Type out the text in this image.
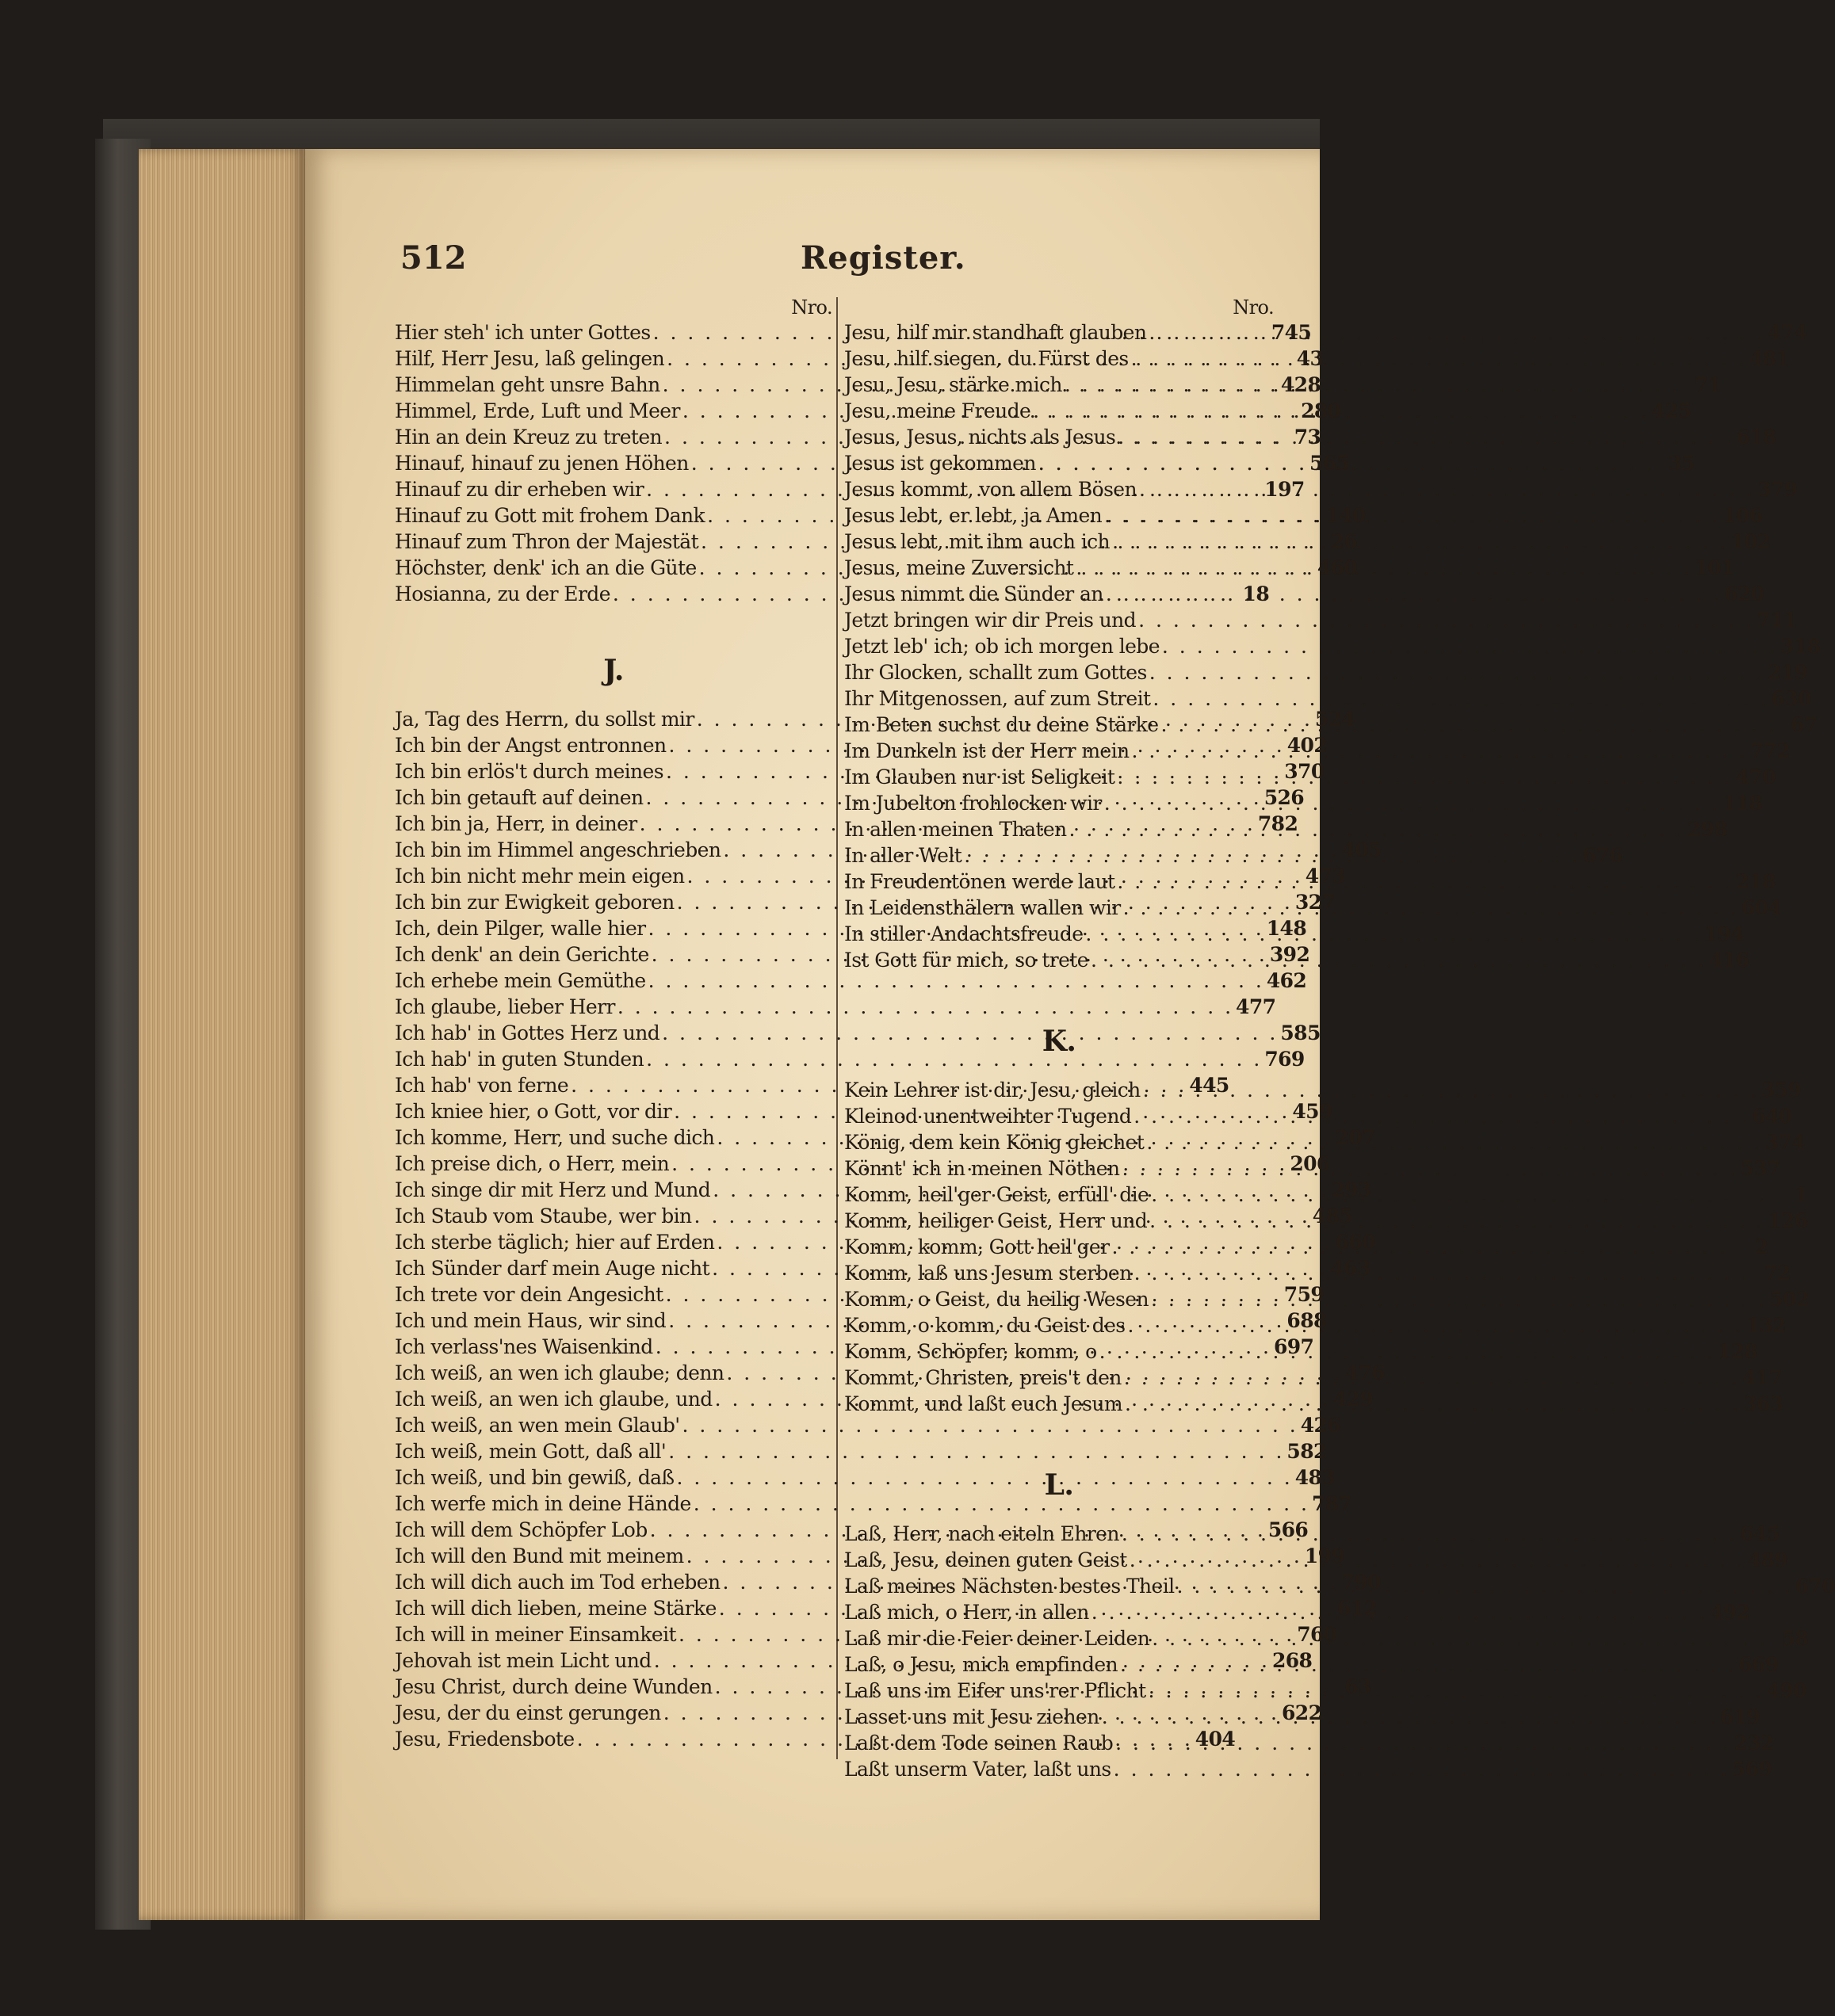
512	Register.
Nro.
Hier steh' ich unter Gottes . . .	745
Hilf, Herr Jesu, laß gelingen . . .	43
Himmelan geht unsre Bahn . . .	428
Himmel, Erde, Luft und Meer . . .	280
Hin an dein Kreuz zu treten . . .	73
Hinauf, hinauf zu jenen Höhen . . .	565
Hinauf zu dir erheben wir . . .	197
Hinauf zu Gott mit frohem Dank . . .	140
Hinauf zum Thron der Majestät . . .	26
Höchster, denk' ich an die Güte . . .	460
Hosianna, zu der Erde . . .	18
J.
Ja, Tag des Herrn, du sollst mir . . .	524
Ich bin der Angst entronnen . . .	402
Ich bin erlös't durch meines . . .	370
Ich bin getauft auf deinen . . .	526
Ich bin ja, Herr, in deiner . . .	782
Ich bin im Himmel angeschrieben . . .	405
Ich bin nicht mehr mein eigen . . .	473
Ich bin zur Ewigkeit geboren . . .	327
Ich, dein Pilger, walle hier . . .	148
Ich denk' an dein Gerichte . . .	392
Ich erhebe mein Gemüthe . . .	462
Ich glaube, lieber Herr . . .	477
Ich hab' in Gottes Herz und . . .	585
Ich hab' in guten Stunden . . .	769
Ich hab' von ferne . . .	445
Ich kniee hier, o Gott, vor dir . . .	459
Ich komme, Herr, und suche dich . . .	207
Ich preise dich, o Herr, mein . . .	206
Ich singe dir mit Herz und Mund . . .	293
Ich Staub vom Staube, wer bin . . .	485
Ich sterbe täglich; hier auf Erden . . .	660
Ich Sünder darf mein Auge nicht . . .	463
Ich trete vor dein Angesicht . . .	759
Ich und mein Haus, wir sind . . .	688
Ich verlass'nes Waisenkind . . .	697
Ich weiß, an wen ich glaube; denn . . .	476
Ich weiß, an wen ich glaube, und . . .	429
Ich weiß, an wen mein Glaub' . . .	426
Ich weiß, mein Gott, daß all' . . .	582
Ich weiß, und bin gewiß, daß . . .	483
Ich werfe mich in deine Hände . . .	787
Ich will dem Schöpfer Lob . . .	566
Ich will den Bund mit meinem . . .	199
Ich will dich auch im Tod erheben . . .	790
Ich will dich lieben, meine Stärke . . .	612
Ich will in meiner Einsamkeit . . .	760
Jehovah ist mein Licht und . . .	268
Jesu Christ, durch deine Wunden . . .	63
Jesu, der du einst gerungen . . .	622
Jesu, Friedensbote . . .	404
Nro.
Jesu, hilf mir standhaft glauben . . .	474
Jesu, hilf siegen, du Fürst des . . .	481
Jesu, Jesu, stärke mich . . .	71
Jesu, meine Freude . . .	425
Jesus, Jesus, nichts als Jesus . . .	618
Jesus ist gekommen . . .	35
Jesus kommt, von allem Bösen . . .	379
Jesus lebt, er lebt, ja Amen . . .	106
Jesus lebt, mit ihm auch ich . . .	102
Jesus, meine Zuversicht . . .	101
Jesus nimmt die Sünder an . . .	620
Jetzt bringen wir dir Preis und . . .	711
Jetzt leb' ich; ob ich morgen lebe . . .	318
Ihr Glocken, schallt zum Gottes . . .	219
Ihr Mitgenossen, auf zum Streit . . .	630
Im Beten suchst du deine Stärke . . .	67
Im Dunkeln ist der Herr mein . . .	772
Im Glauben nur ist Seligkeit . . .	470
Im Jubelton frohlocken wir . . .	118
In allen meinen Thaten . . .	298
In aller Welt . . .	676
In Freudentönen werde laut . . .	218
In Leidensthälern wallen wir . . .	604
In stiller Andachtsfreude . . .	194
Ist Gott für mich, so trete . . .	416
K.
Kein Lehrer ist dir, Jesu, gleich . . .	359
Kleinod unentweihter Tugend . . .	640
König, dem kein König gleichet . . .	374
Könnt' ich in meinen Nöthen . . .	537
Komm, heil'ger Geist, erfüll' die . . .	1
Komm, heiliger Geist, Herr und . . .	126
Komm, komm, Gott heil'ger . . .	2
Komm, laß uns Jesum sterben . . .	72
Komm, o Geist, du heilig Wesen . . .	502
Komm, o komm, du Geist des . . .	132
Komm, Schöpfer, komm, o . . .	128
Kommt, Christen, preis't den . . .	417
Kommt, und laßt euch Jesum . . .	363
L.
Laß, Herr, nach eiteln Ehren . . .	645
Laß, Jesu, deinen guten Geist . . .	489
Laß meines Nächsten bestes Theil . . .	670
Laß mich, o Herr, in allen . . .	492
Laß mir die Feier deiner Leiden . . .	58
Laß, o Jesu, mich empfinden . . .	669
Laß uns im Eifer uns'rer Pflicht . . .	490
Lasset uns mit Jesu ziehen . . .	619
Laßt dem Tode seinen Raub . . .	232
Laßt unserm Vater, laßt uns . . .	569
